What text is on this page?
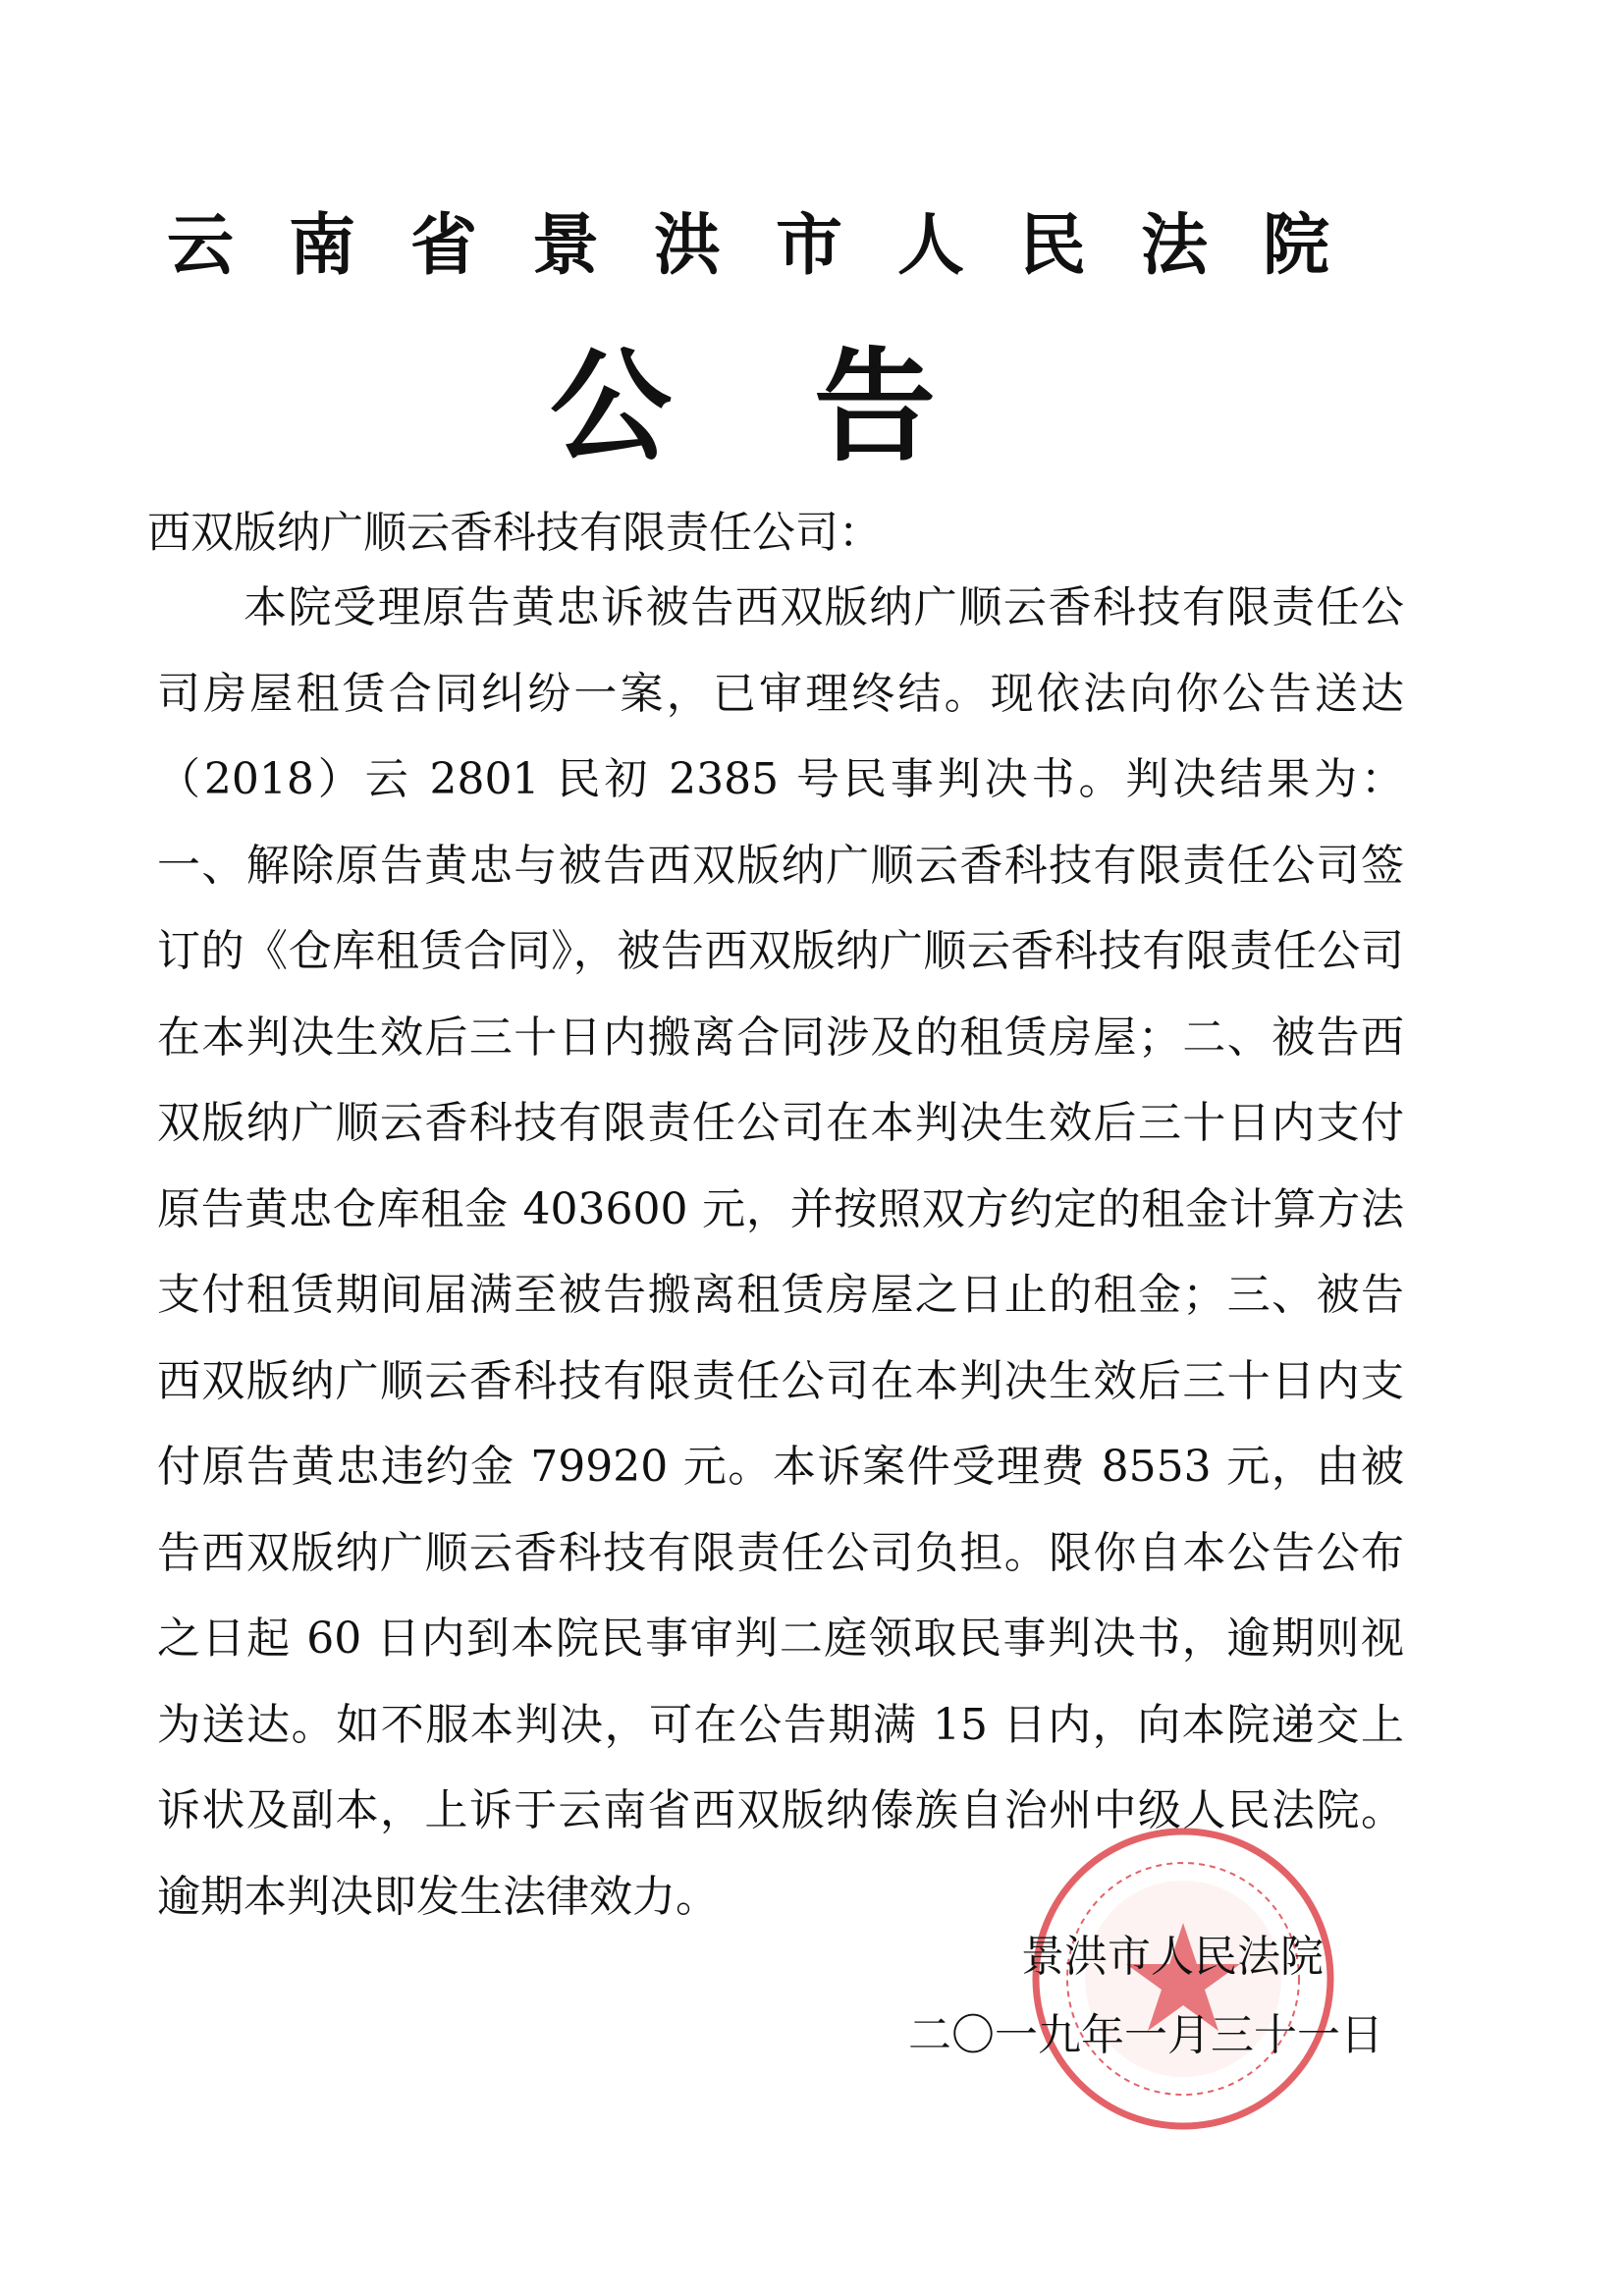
云南省景洪市人民法院
公告
西双版纳广顺云香科技有限责任公司：

本院受理原告黄忠诉被告西双版纳广顺云香科技有限责任公司房屋租赁合同纠纷一案，已审理终结。现依法向你公告送达（2018）云 2801 民初 2385 号民事判决书。判决结果为：一、解除原告黄忠与被告西双版纳广顺云香科技有限责任公司签订的《仓库租赁合同》，被告西双版纳广顺云香科技有限责任公司在本判决生效后三十日内搬离合同涉及的租赁房屋；二、被告西双版纳广顺云香科技有限责任公司在本判决生效后三十日内支付原告黄忠仓库租金 403600 元，并按照双方约定的租金计算方法支付租赁期间届满至被告搬离租赁房屋之日止的租金；三、被告西双版纳广顺云香科技有限责任公司在本判决生效后三十日内支付原告黄忠违约金 79920 元。本诉案件受理费 8553 元，由被告西双版纳广顺云香科技有限责任公司负担。限你自本公告公布之日起 60 日内到本院民事审判二庭领取民事判决书，逾期则视为送达。如不服本判决，可在公告期满 15 日内，向本院递交上诉状及副本，上诉于云南省西双版纳傣族自治州中级人民法院。逾期本判决即发生法律效力。

景洪市人民法院
二〇一九年一月三十一日
